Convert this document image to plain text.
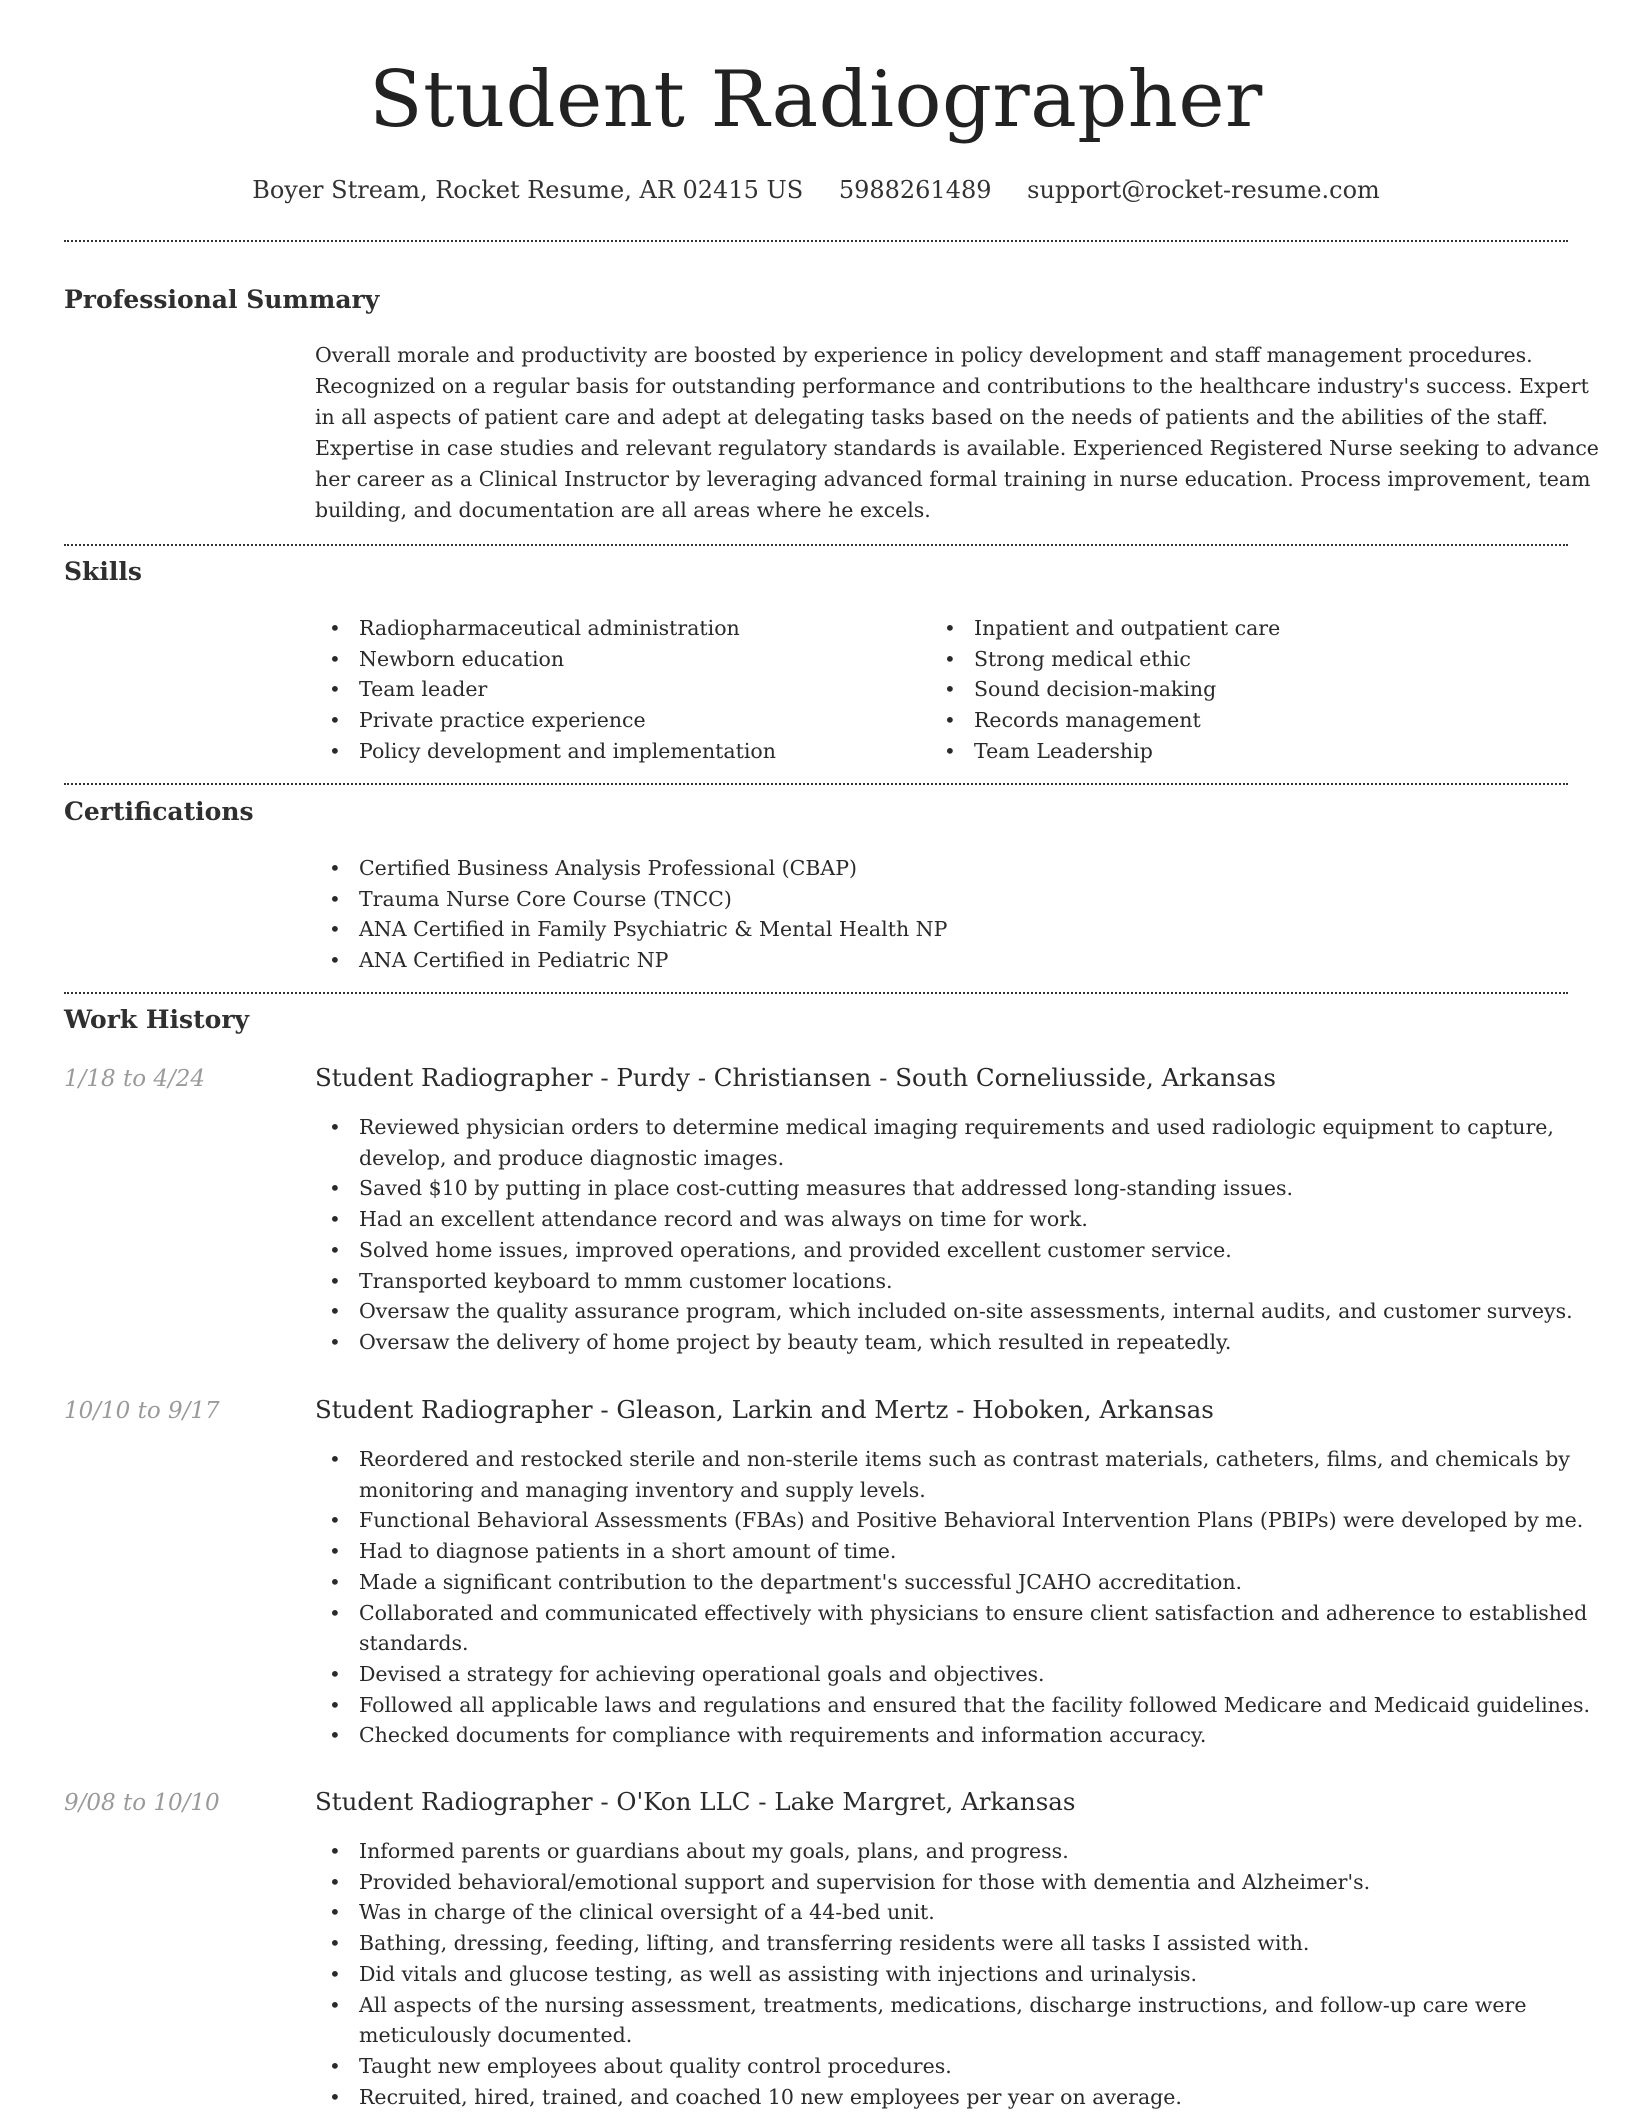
Student Radiographer
Boyer Stream, Rocket Resume, AR 02415 US 5988261489 support@rocket-resume.com
Professional Summary

Overall morale and productivity are boosted by experience in policy development and staff management procedures. Recognized on a regular basis for outstanding performance and contributions to the healthcare industry's success. Expert in all aspects of patient care and adept at delegating tasks based on the needs of patients and the abilities of the staff. Expertise in case studies and relevant regulatory standards is available. Experienced Registered Nurse seeking to advance her career as a Clinical Instructor by leveraging advanced formal training in nurse education. Process improvement, team building, and documentation are all areas where he excels.

Skills
• Radiopharmaceutical administration
• Newborn education
• Team leader
• Private practice experience
• Policy development and implementation
• Inpatient and outpatient care
• Strong medical ethic
• Sound decision-making
• Records management
• Team Leadership
Certifications
• Certified Business Analysis Professional (CBAP)
• Trauma Nurse Core Course (TNCC)
• ANA Certified in Family Psychiatric & Mental Health NP
• ANA Certified in Pediatric NP
Work History
1/18 to 4/24	Student Radiographer - Purdy - Christiansen - South Corneliusside, Arkansas
• Reviewed physician orders to determine medical imaging requirements and used radiologic equipment to capture, develop, and produce diagnostic images.
• Saved $10 by putting in place cost-cutting measures that addressed long-standing issues.
• Had an excellent attendance record and was always on time for work.
• Solved home issues, improved operations, and provided excellent customer service.
• Transported keyboard to mmm customer locations.
• Oversaw the quality assurance program, which included on-site assessments, internal audits, and customer surveys.
• Oversaw the delivery of home project by beauty team, which resulted in repeatedly.
10/10 to 9/17	Student Radiographer - Gleason, Larkin and Mertz - Hoboken, Arkansas
• Reordered and restocked sterile and non-sterile items such as contrast materials, catheters, films, and chemicals by monitoring and managing inventory and supply levels.
• Functional Behavioral Assessments (FBAs) and Positive Behavioral Intervention Plans (PBIPs) were developed by me.
• Had to diagnose patients in a short amount of time.
• Made a significant contribution to the department's successful JCAHO accreditation.
• Collaborated and communicated effectively with physicians to ensure client satisfaction and adherence to established standards.
• Devised a strategy for achieving operational goals and objectives.
• Followed all applicable laws and regulations and ensured that the facility followed Medicare and Medicaid guidelines.
• Checked documents for compliance with requirements and information accuracy.
9/08 to 10/10	Student Radiographer - O'Kon LLC - Lake Margret, Arkansas
• Informed parents or guardians about my goals, plans, and progress.
• Provided behavioral/emotional support and supervision for those with dementia and Alzheimer's.
• Was in charge of the clinical oversight of a 44-bed unit.
• Bathing, dressing, feeding, lifting, and transferring residents were all tasks I assisted with.
• Did vitals and glucose testing, as well as assisting with injections and urinalysis.
• All aspects of the nursing assessment, treatments, medications, discharge instructions, and follow-up care were meticulously documented.
• Taught new employees about quality control procedures.
• Recruited, hired, trained, and coached 10 new employees per year on average.
